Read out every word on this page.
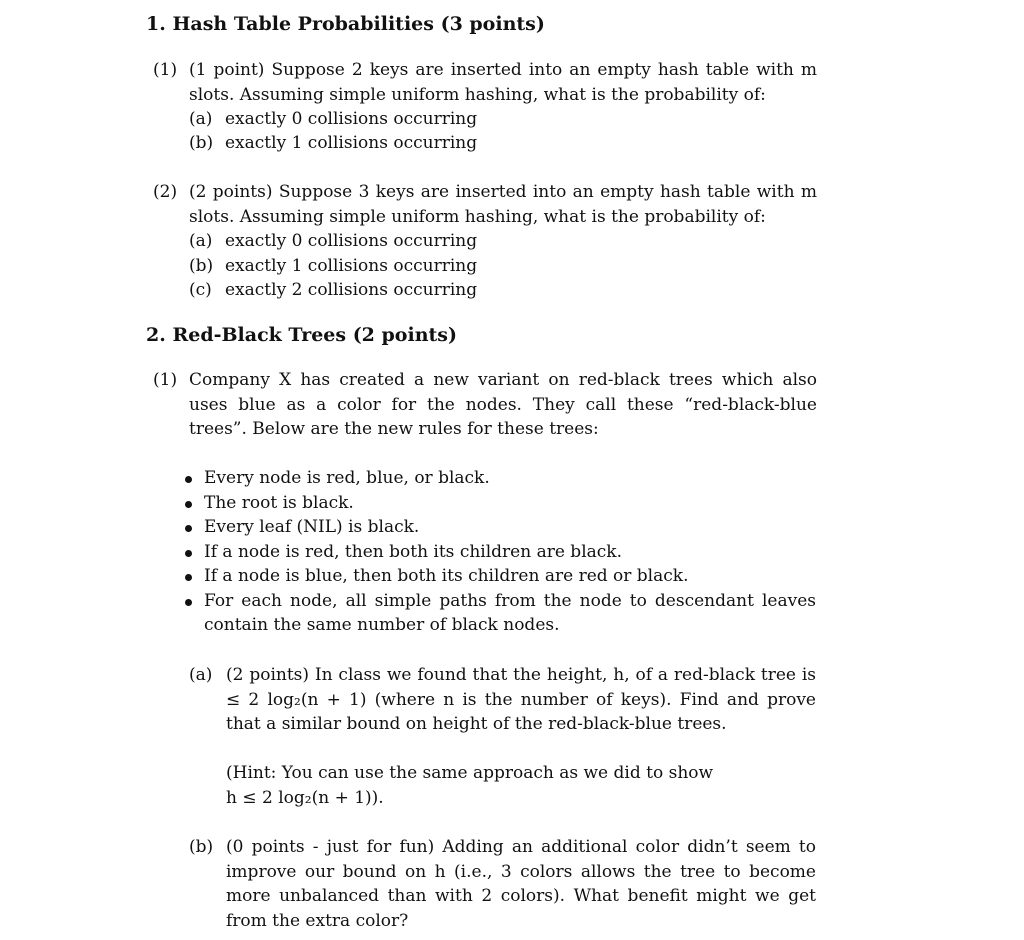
1. Hash Table Probabilities (3 points)
(1) (1 point) Suppose 2 keys are inserted into an empty hash table with m slots. Assuming simple uniform hashing, what is the probability of:
(a) exactly 0 collisions occurring
(b) exactly 1 collisions occurring
(2) (2 points) Suppose 3 keys are inserted into an empty hash table with m slots. Assuming simple uniform hashing, what is the probability of:
(a) exactly 0 collisions occurring
(b) exactly 1 collisions occurring
(c) exactly 2 collisions occurring
2. Red-Black Trees (2 points)
(1) Company X has created a new variant on red-black trees which also uses blue as a color for the nodes. They call these “red-black-blue trees”. Below are the new rules for these trees:
Every node is red, blue, or black.
The root is black.
Every leaf (NIL) is black.
If a node is red, then both its children are black.
If a node is blue, then both its children are red or black.
For each node, all simple paths from the node to descendant leaves contain the same number of black nodes.
(a) (2 points) In class we found that the height, h, of a red-black tree is ≤ 2 log₂(n + 1) (where n is the number of keys). Find and prove that a similar bound on height of the red-black-blue trees.
(Hint: You can use the same approach as we did to show
h ≤ 2 log₂(n + 1)).
(b) (0 points - just for fun) Adding an additional color didn’t seem to improve our bound on h (i.e., 3 colors allows the tree to become more unbalanced than with 2 colors). What benefit might we get from the extra color?
